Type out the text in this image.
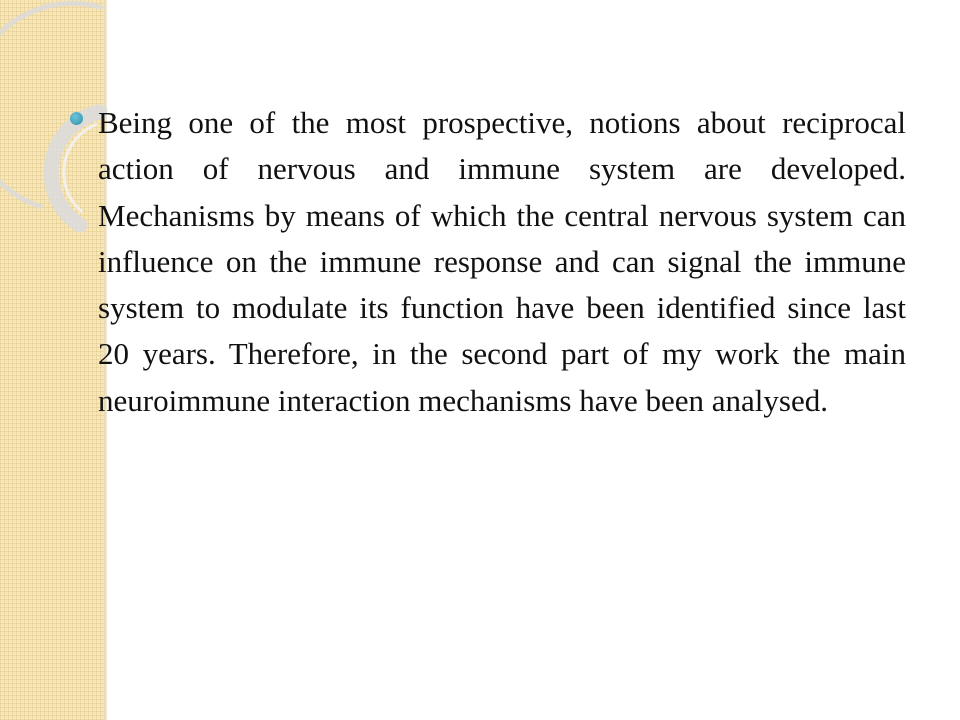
Being one of the most prospective, notions about reciprocal action of nervous and immune system are developed. Mechanisms by means of which the central nervous system can influence on the immune response and can signal the immune system to modulate its function have been identified since last 20 years. Therefore, in the second part of my work the main neuroimmune interaction mechanisms have been analysed.
